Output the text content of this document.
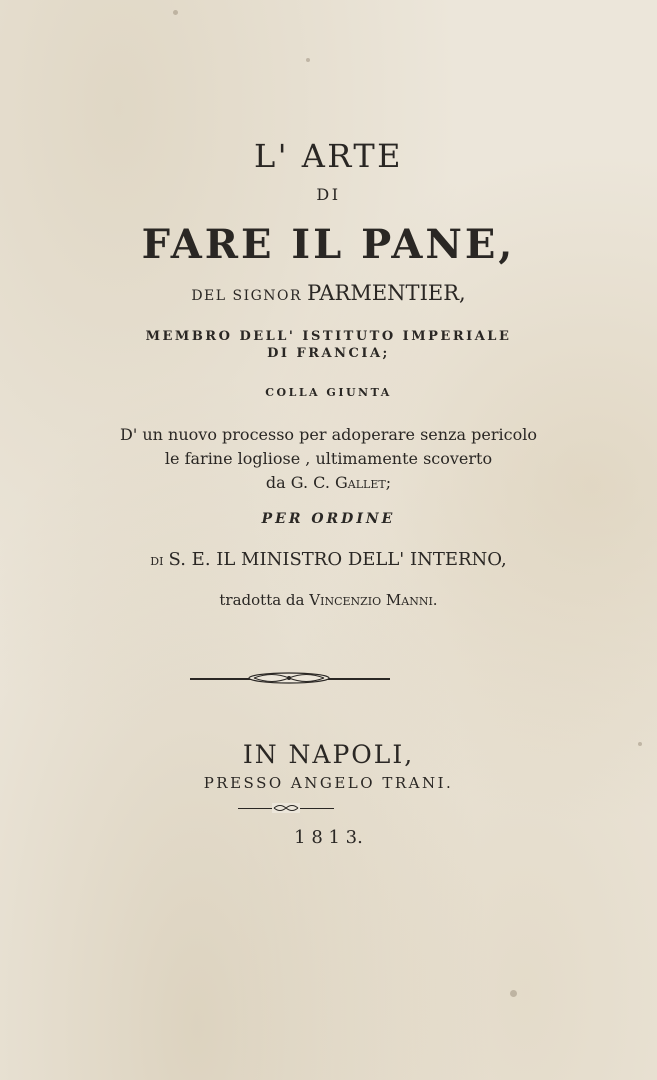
L' ARTE
DI
FARE IL PANE,
DEL SIGNOR PARMENTIER,
MEMBRO DELL' ISTITUTO IMPERIALE
DI FRANCIA;
COLLA GIUNTA
D' un nuovo processo per adoperare senza pericolo
le farine logliose , ultimamente scoverto
da G. C. Gallet;
PER ORDINE
DI S. E. IL MINISTRO DELL' INTERNO,
tradotta da Vincenzio Manni.
IN NAPOLI,
PRESSO ANGELO TRANI.
1 8 1 3.
